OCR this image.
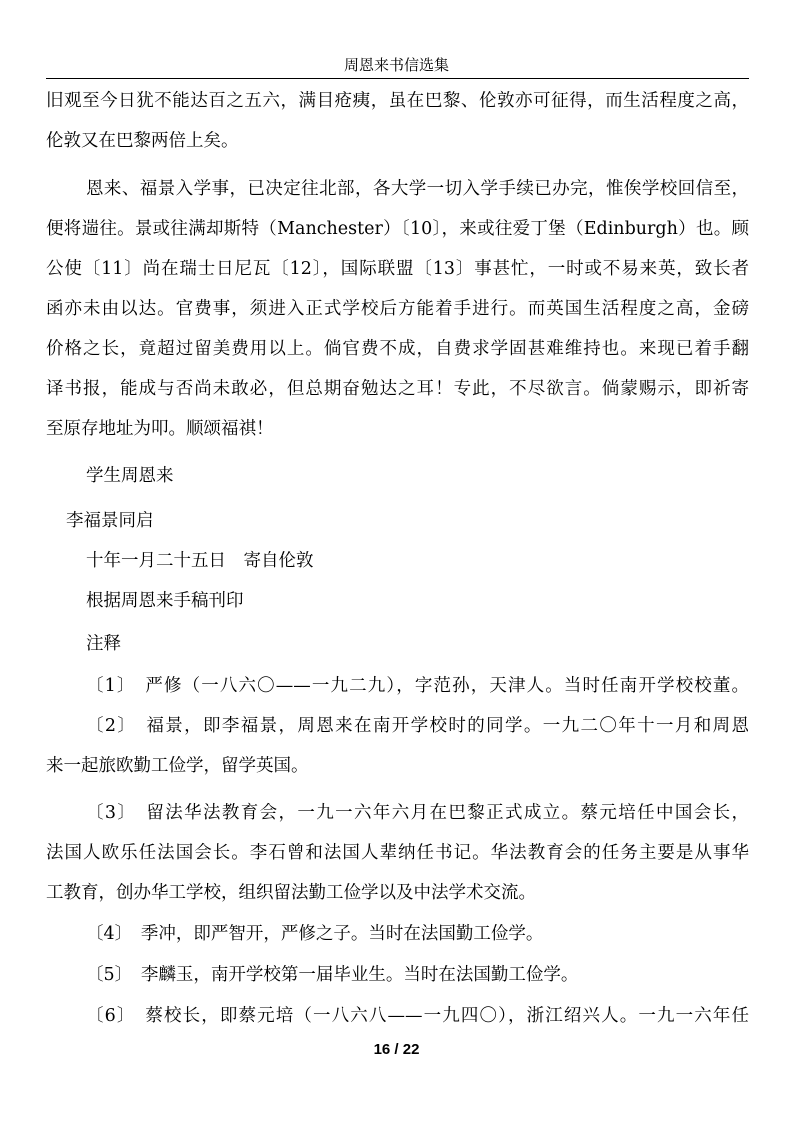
周恩来书信选集
旧观至今日犹不能达百之五六，满目疮痍，虽在巴黎、伦敦亦可征得，而生活程度之高，
伦敦又在巴黎两倍上矣。
恩来、福景入学事，已决定往北部，各大学一切入学手续已办完，惟俟学校回信至，
便将遄往。景或往满却斯特（Manchester）〔10〕，来或往爱丁堡（Edinburgh）也。顾
公使〔11〕尚在瑞士日尼瓦〔12〕，国际联盟〔13〕事甚忙，一时或不易来英，致长者
函亦未由以达。官费事，须进入正式学校后方能着手进行。而英国生活程度之高，金磅
价格之长，竟超过留美费用以上。倘官费不成，自费求学固甚难维持也。来现已着手翻
译书报，能成与否尚未敢必，但总期奋勉达之耳！专此，不尽欲言。倘蒙赐示，即祈寄
至原存地址为叩。顺颂福祺！
学生周恩来
李福景同启
十年一月二十五日　寄自伦敦
根据周恩来手稿刊印
注释
〔1〕　严修（一八六〇——一九二九），字范孙，天津人。当时任南开学校校董。
〔2〕　福景，即李福景，周恩来在南开学校时的同学。一九二〇年十一月和周恩
来一起旅欧勤工俭学，留学英国。
〔3〕　留法华法教育会，一九一六年六月在巴黎正式成立。蔡元培任中国会长，
法国人欧乐任法国会长。李石曾和法国人辈纳任书记。华法教育会的任务主要是从事华
工教育，创办华工学校，组织留法勤工俭学以及中法学术交流。
〔4〕　季冲，即严智开，严修之子。当时在法国勤工俭学。
〔5〕　李麟玉，南开学校第一届毕业生。当时在法国勤工俭学。
〔6〕　蔡校长，即蔡元培（一八六八——一九四〇），浙江绍兴人。一九一六年任
16 / 22
